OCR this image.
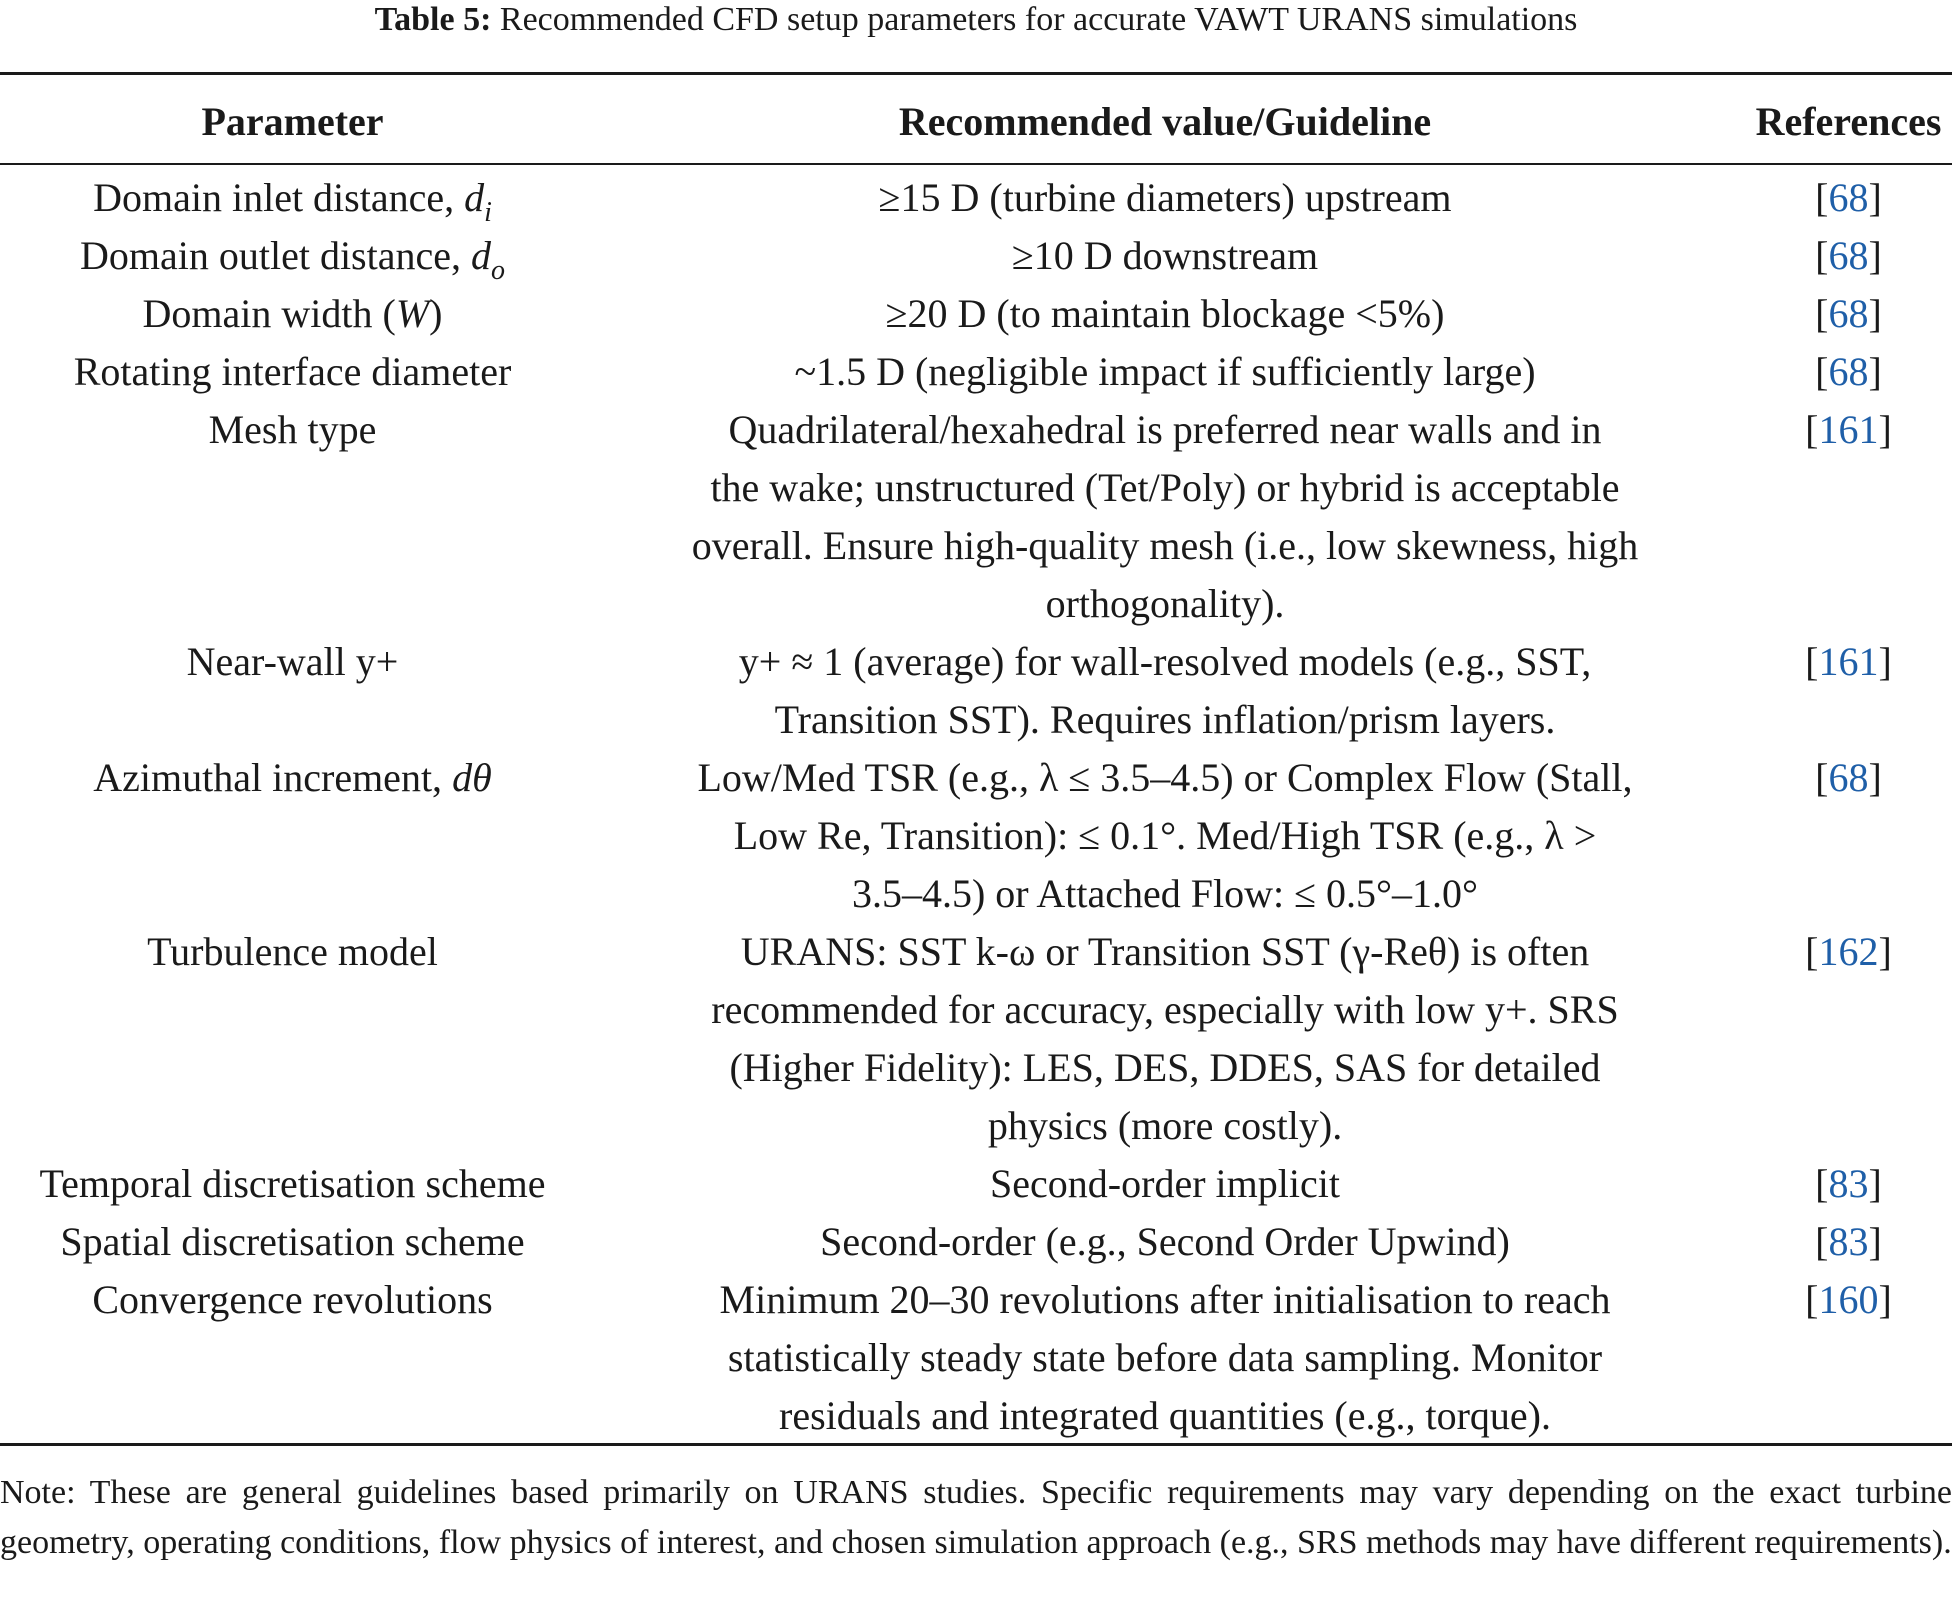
Table 5: Recommended CFD setup parameters for accurate VAWT URANS simulations
Parameter	Recommended value/Guideline	References

Domain inlet distance, $d_i$	≥15 D (turbine diameters) upstream	[68]
Domain outlet distance, $d_o$	≥10 D downstream	[68]
Domain width (W)	≥20 D (to maintain blockage <5%)	[68]
Rotating interface diameter	~1.5 D (negligible impact if sufficiently large)	[68]
Mesh type	Quadrilateral/hexahedral is preferred near walls and in
the wake; unstructured (Tet/Poly) or hybrid is acceptable
overall. Ensure high-quality mesh (i.e., low skewness, high
orthogonality).	[161]
Near-wall y+	y+ ≈ 1 (average) for wall-resolved models (e.g., SST,
Transition SST). Requires inflation/prism layers.	[161]
Azimuthal increment, dθ	Low/Med TSR (e.g., λ ≤ 3.5–4.5) or Complex Flow (Stall,
Low Re, Transition): ≤ 0.1°. Med/High TSR (e.g., λ >
3.5–4.5) or Attached Flow: ≤ 0.5°–1.0°	[68]
Turbulence model	URANS: SST k-ω or Transition SST (γ-Reθ) is often
recommended for accuracy, especially with low y+. SRS
(Higher Fidelity): LES, DES, DDES, SAS for detailed
physics (more costly).	[162]
Temporal discretisation scheme	Second-order implicit	[83]
Spatial discretisation scheme	Second-order (e.g., Second Order Upwind)	[83]
Convergence revolutions	Minimum 20–30 revolutions after initialisation to reach
statistically steady state before data sampling. Monitor
residuals and integrated quantities (e.g., torque).	[160]
Note: These are general guidelines based primarily on URANS studies. Specific requirements may vary depending on the exact turbine geometry, operating conditions, flow physics of interest, and chosen simulation approach (e.g., SRS methods may have different requirements).
